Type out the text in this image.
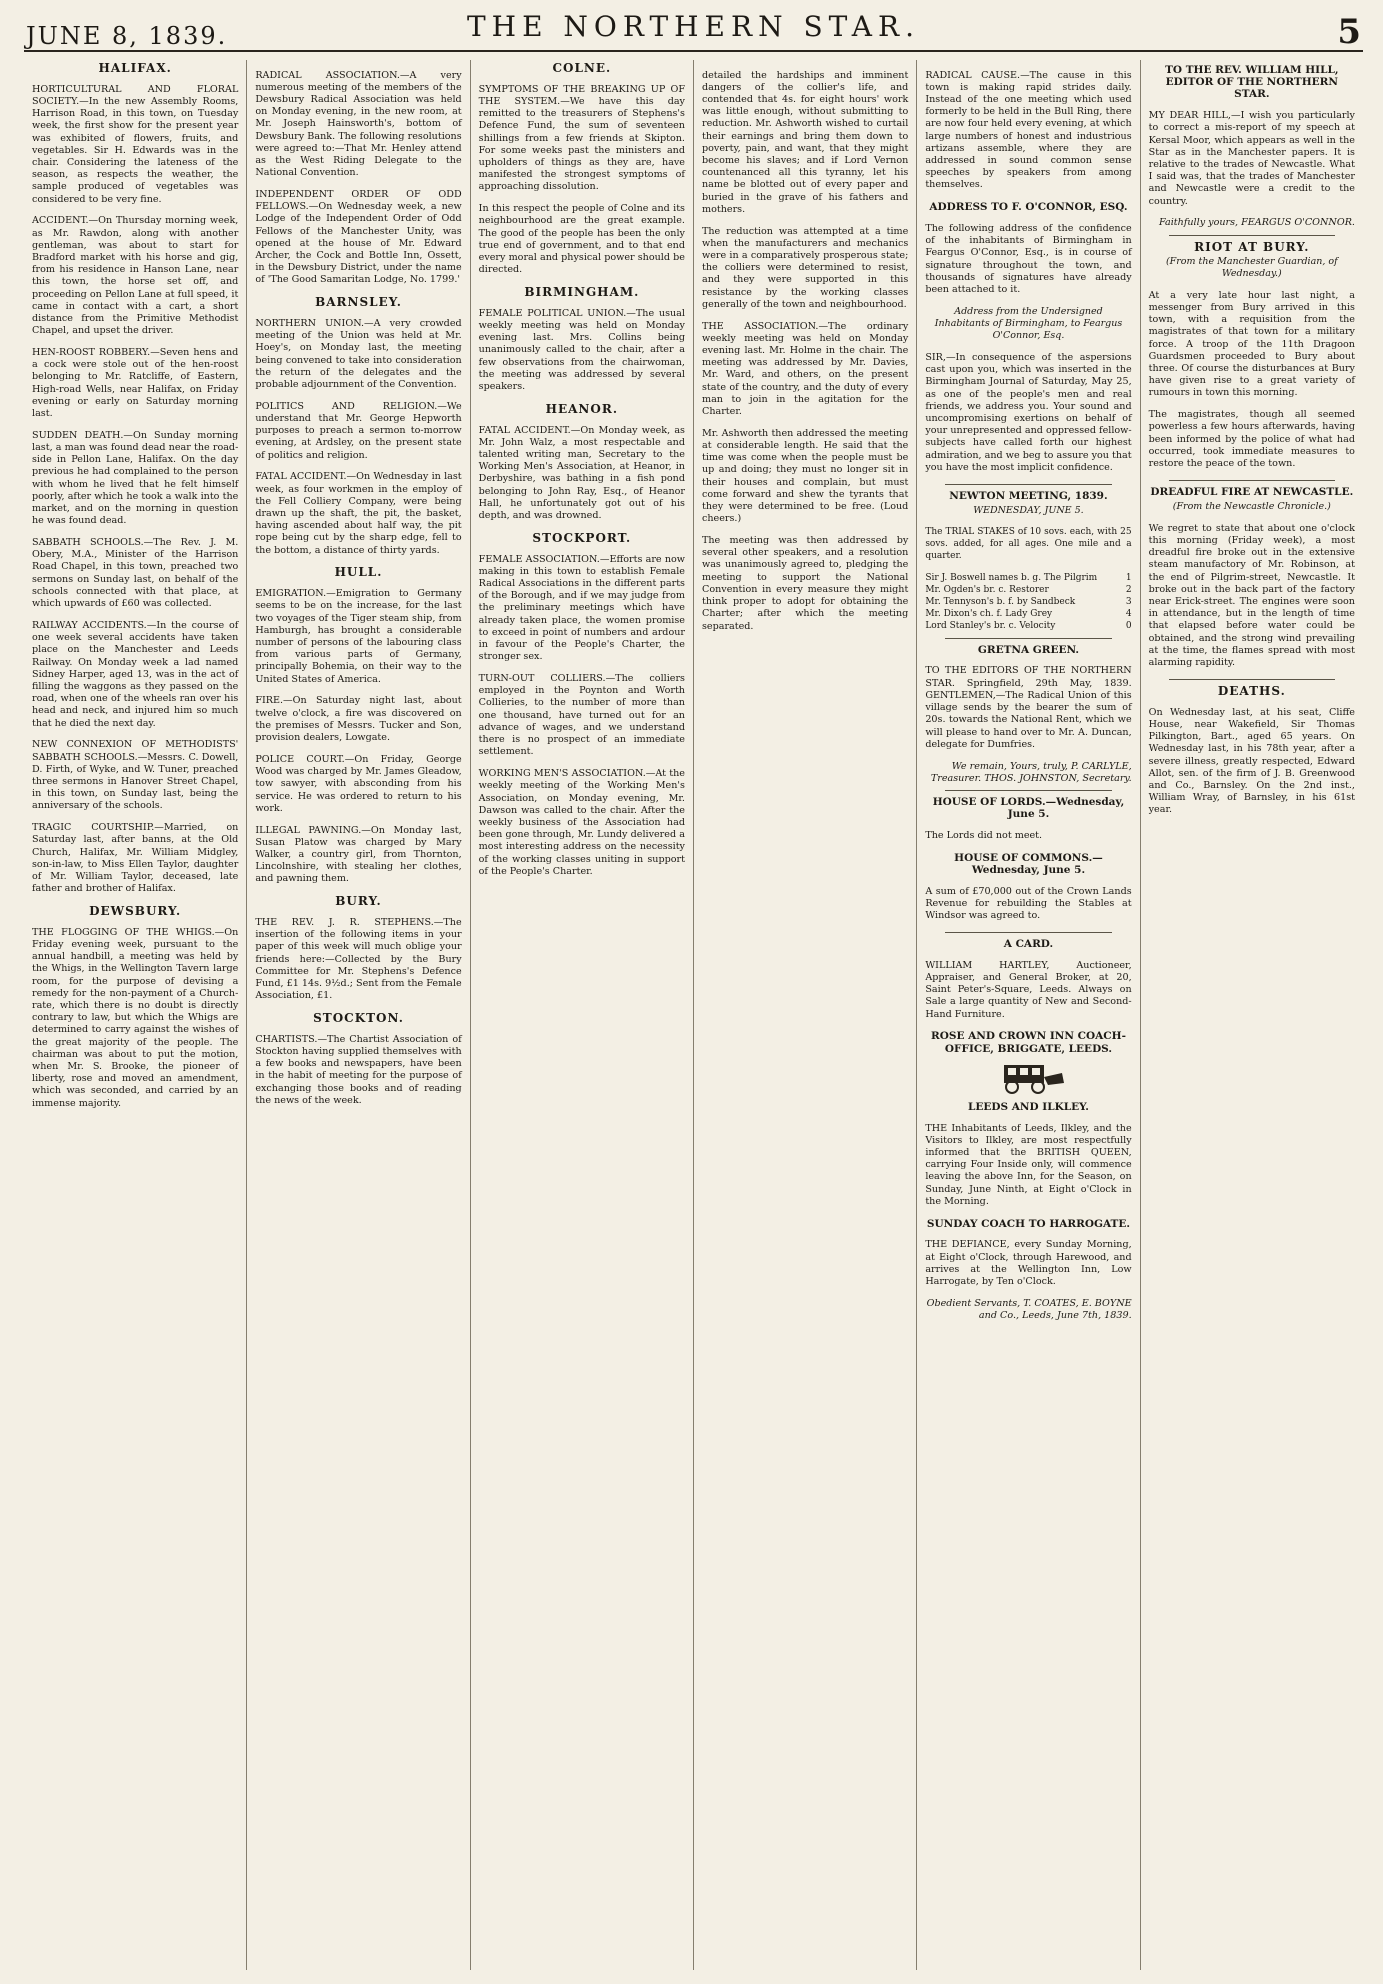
JUNE 8, 1839.	THE NORTHERN STAR.	5
HALIFAX.

HORTICULTURAL AND FLORAL SOCIETY.—In the new Assembly Rooms, Harrison Road, in this town, on Tuesday week, the first show for the present year was exhibited of flowers, fruits, and vegetables. Sir H. Edwards was in the chair. Considering the lateness of the season, as respects the weather, the sample produced of vegetables was considered to be very fine.

ACCIDENT.—On Thursday morning week, as Mr. Rawdon, along with another gentleman, was about to start for Bradford market with his horse and gig, from his residence in Hanson Lane, near this town, the horse set off, and proceeding on Pellon Lane at full speed, it came in contact with a cart, a short distance from the Primitive Methodist Chapel, and upset the driver.

HEN-ROOST ROBBERY.—Seven hens and a cock were stole out of the hen-roost belonging to Mr. Ratcliffe, of Eastern, High-road Wells, near Halifax, on Friday evening or early on Saturday morning last.

SUDDEN DEATH.—On Sunday morning last, a man was found dead near the road-side in Pellon Lane, Halifax. On the day previous he had complained to the person with whom he lived that he felt himself poorly, after which he took a walk into the market, and on the morning in question he was found dead.

SABBATH SCHOOLS.—The Rev. J. M. Obery, M.A., Minister of the Harrison Road Chapel, in this town, preached two sermons on Sunday last, on behalf of the schools connected with that place, at which upwards of £60 was collected.

RAILWAY ACCIDENTS.—In the course of one week several accidents have taken place on the Manchester and Leeds Railway. On Monday week a lad named Sidney Harper, aged 13, was in the act of filling the waggons as they passed on the road, when one of the wheels ran over his head and neck, and injured him so much that he died the next day.

NEW CONNEXION OF METHODISTS' SABBATH SCHOOLS.—Messrs. C. Dowell, D. Firth, of Wyke, and W. Tuner, preached three sermons in Hanover Street Chapel, in this town, on Sunday last, being the anniversary of the schools.

TRAGIC COURTSHIP.—Married, on Saturday last, after banns, at the Old Church, Halifax, Mr. William Midgley, son-in-law, to Miss Ellen Taylor, daughter of Mr. William Taylor, deceased, late father and brother of Halifax.

DEWSBURY.

THE FLOGGING OF THE WHIGS.—On Friday evening week, pursuant to the annual handbill, a meeting was held by the Whigs, in the Wellington Tavern large room, for the purpose of devising a remedy for the non-payment of a Church-rate, which there is no doubt is directly contrary to law, but which the Whigs are determined to carry against the wishes of the great majority of the people. The chairman was about to put the motion, when Mr. S. Brooke, the pioneer of liberty, rose and moved an amendment, which was seconded, and carried by an immense majority.

RADICAL ASSOCIATION.—A very numerous meeting of the members of the Dewsbury Radical Association was held on Monday evening, in the new room, at Mr. Joseph Hainsworth's, bottom of Dewsbury Bank. The following resolutions were agreed to:—That Mr. Henley attend as the West Riding Delegate to the National Convention.

INDEPENDENT ORDER OF ODD FELLOWS.—On Wednesday week, a new Lodge of the Independent Order of Odd Fellows of the Manchester Unity, was opened at the house of Mr. Edward Archer, the Cock and Bottle Inn, Ossett, in the Dewsbury District, under the name of 'The Good Samaritan Lodge, No. 1799.'

BARNSLEY.

NORTHERN UNION.—A very crowded meeting of the Union was held at Mr. Hoey's, on Monday last, the meeting being convened to take into consideration the return of the delegates and the probable adjournment of the Convention.

POLITICS AND RELIGION.—We understand that Mr. George Hepworth purposes to preach a sermon to-morrow evening, at Ardsley, on the present state of politics and religion.

FATAL ACCIDENT.—On Wednesday in last week, as four workmen in the employ of the Fell Colliery Company, were being drawn up the shaft, the pit, the basket, having ascended about half way, the pit rope being cut by the sharp edge, fell to the bottom, a distance of thirty yards.

HULL.

EMIGRATION.—Emigration to Germany seems to be on the increase, for the last two voyages of the Tiger steam ship, from Hamburgh, has brought a considerable number of persons of the labouring class from various parts of Germany, principally Bohemia, on their way to the United States of America.

FIRE.—On Saturday night last, about twelve o'clock, a fire was discovered on the premises of Messrs. Tucker and Son, provision dealers, Lowgate.

POLICE COURT.—On Friday, George Wood was charged by Mr. James Gleadow, tow sawyer, with absconding from his service. He was ordered to return to his work.

ILLEGAL PAWNING.—On Monday last, Susan Platow was charged by Mary Walker, a country girl, from Thornton, Lincolnshire, with stealing her clothes, and pawning them.

BURY.

THE REV. J. R. STEPHENS.—The insertion of the following items in your paper of this week will much oblige your friends here:—Collected by the Bury Committee for Mr. Stephens's Defence Fund, £1 14s. 9½d.; Sent from the Female Association, £1.

STOCKTON.

CHARTISTS.—The Chartist Association of Stockton having supplied themselves with a few books and newspapers, have been in the habit of meeting for the purpose of exchanging those books and of reading the news of the week.

COLNE.

SYMPTOMS OF THE BREAKING UP OF THE SYSTEM.—We have this day remitted to the treasurers of Stephens's Defence Fund, the sum of seventeen shillings from a few friends at Skipton. For some weeks past the ministers and upholders of things as they are, have manifested the strongest symptoms of approaching dissolution.

In this respect the people of Colne and its neighbourhood are the great example. The good of the people has been the only true end of government, and to that end every moral and physical power should be directed.

BIRMINGHAM.

FEMALE POLITICAL UNION.—The usual weekly meeting was held on Monday evening last. Mrs. Collins being unanimously called to the chair, after a few observations from the chairwoman, the meeting was addressed by several speakers.

HEANOR.

FATAL ACCIDENT.—On Monday week, as Mr. John Walz, a most respectable and talented writing man, Secretary to the Working Men's Association, at Heanor, in Derbyshire, was bathing in a fish pond belonging to John Ray, Esq., of Heanor Hall, he unfortunately got out of his depth, and was drowned.

STOCKPORT.

FEMALE ASSOCIATION.—Efforts are now making in this town to establish Female Radical Associations in the different parts of the Borough, and if we may judge from the preliminary meetings which have already taken place, the women promise to exceed in point of numbers and ardour in favour of the People's Charter, the stronger sex.

TURN-OUT COLLIERS.—The colliers employed in the Poynton and Worth Collieries, to the number of more than one thousand, have turned out for an advance of wages, and we understand there is no prospect of an immediate settlement.

WORKING MEN'S ASSOCIATION.—At the weekly meeting of the Working Men's Association, on Monday evening, Mr. Dawson was called to the chair. After the weekly business of the Association had been gone through, Mr. Lundy delivered a most interesting address on the necessity of the working classes uniting in support of the People's Charter.

detailed the hardships and imminent dangers of the collier's life, and contended that 4s. for eight hours' work was little enough, without submitting to reduction. Mr. Ashworth wished to curtail their earnings and bring them down to poverty, pain, and want, that they might become his slaves; and if Lord Vernon countenanced all this tyranny, let his name be blotted out of every paper and buried in the grave of his fathers and mothers.

The reduction was attempted at a time when the manufacturers and mechanics were in a comparatively prosperous state; the colliers were determined to resist, and they were supported in this resistance by the working classes generally of the town and neighbourhood.

THE ASSOCIATION.—The ordinary weekly meeting was held on Monday evening last. Mr. Holme in the chair. The meeting was addressed by Mr. Davies, Mr. Ward, and others, on the present state of the country, and the duty of every man to join in the agitation for the Charter.

Mr. Ashworth then addressed the meeting at considerable length. He said that the time was come when the people must be up and doing; they must no longer sit in their houses and complain, but must come forward and shew the tyrants that they were determined to be free. (Loud cheers.)

The meeting was then addressed by several other speakers, and a resolution was unanimously agreed to, pledging the meeting to support the National Convention in every measure they might think proper to adopt for obtaining the Charter; after which the meeting separated.

RADICAL CAUSE.—The cause in this town is making rapid strides daily. Instead of the one meeting which used formerly to be held in the Bull Ring, there are now four held every evening, at which large numbers of honest and industrious artizans assemble, where they are addressed in sound common sense speeches by speakers from among themselves.

ADDRESS TO F. O'CONNOR, ESQ.

The following address of the confidence of the inhabitants of Birmingham in Feargus O'Connor, Esq., is in course of signature throughout the town, and thousands of signatures have already been attached to it.

Address from the Undersigned Inhabitants of Birmingham, to Feargus O'Connor, Esq.

SIR,—In consequence of the aspersions cast upon you, which was inserted in the Birmingham Journal of Saturday, May 25, as one of the people's men and real friends, we address you. Your sound and uncompromising exertions on behalf of your unrepresented and oppressed fellow-subjects have called forth our highest admiration, and we beg to assure you that you have the most implicit confidence.

NEWTON MEETING, 1839.
WEDNESDAY, JUNE 5.

The TRIAL STAKES of 10 sovs. each, with 25 sovs. added, for all ages. One mile and a quarter.

Sir J. Boswell names b. g. The Pilgrim	1
Mr. Ogden's br. c. Restorer	2
Mr. Tennyson's b. f. by Sandbeck	3
Mr. Dixon's ch. f. Lady Grey	4
Lord Stanley's br. c. Velocity	0
GRETNA GREEN.

TO THE EDITORS OF THE NORTHERN STAR. Springfield, 29th May, 1839. GENTLEMEN,—The Radical Union of this village sends by the bearer the sum of 20s. towards the National Rent, which we will please to hand over to Mr. A. Duncan, delegate for Dumfries.

We remain, Yours, truly, P. CARLYLE, Treasurer. THOS. JOHNSTON, Secretary.
HOUSE OF LORDS.—Wednesday, June 5.

The Lords did not meet.

HOUSE OF COMMONS.—Wednesday, June 5.

A sum of £70,000 out of the Crown Lands Revenue for rebuilding the Stables at Windsor was agreed to.

A CARD.

WILLIAM HARTLEY, Auctioneer, Appraiser, and General Broker, at 20, Saint Peter's-Square, Leeds. Always on Sale a large quantity of New and Second-Hand Furniture.

ROSE AND CROWN INN COACH-OFFICE, BRIGGATE, LEEDS.
LEEDS AND ILKLEY.

THE Inhabitants of Leeds, Ilkley, and the Visitors to Ilkley, are most respectfully informed that the BRITISH QUEEN, carrying Four Inside only, will commence leaving the above Inn, for the Season, on Sunday, June Ninth, at Eight o'Clock in the Morning.

SUNDAY COACH TO HARROGATE.

THE DEFIANCE, every Sunday Morning, at Eight o'Clock, through Harewood, and arrives at the Wellington Inn, Low Harrogate, by Ten o'Clock.

Obedient Servants, T. COATES, E. BOYNE and Co., Leeds, June 7th, 1839.
TO THE REV. WILLIAM HILL, EDITOR OF THE NORTHERN STAR.

MY DEAR HILL,—I wish you particularly to correct a mis-report of my speech at Kersal Moor, which appears as well in the Star as in the Manchester papers. It is relative to the trades of Newcastle. What I said was, that the trades of Manchester and Newcastle were a credit to the country.

Faithfully yours, FEARGUS O'CONNOR.
RIOT AT BURY.
(From the Manchester Guardian, of Wednesday.)

At a very late hour last night, a messenger from Bury arrived in this town, with a requisition from the magistrates of that town for a military force. A troop of the 11th Dragoon Guardsmen proceeded to Bury about three. Of course the disturbances at Bury have given rise to a great variety of rumours in town this morning.

The magistrates, though all seemed powerless a few hours afterwards, having been informed by the police of what had occurred, took immediate measures to restore the peace of the town.

DREADFUL FIRE AT NEWCASTLE.
(From the Newcastle Chronicle.)

We regret to state that about one o'clock this morning (Friday week), a most dreadful fire broke out in the extensive steam manufactory of Mr. Robinson, at the end of Pilgrim-street, Newcastle. It broke out in the back part of the factory near Erick-street. The engines were soon in attendance, but in the length of time that elapsed before water could be obtained, and the strong wind prevailing at the time, the flames spread with most alarming rapidity.

DEATHS.

On Wednesday last, at his seat, Cliffe House, near Wakefield, Sir Thomas Pilkington, Bart., aged 65 years. On Wednesday last, in his 78th year, after a severe illness, greatly respected, Edward Allot, sen. of the firm of J. B. Greenwood and Co., Barnsley. On the 2nd inst., William Wray, of Barnsley, in his 61st year.
